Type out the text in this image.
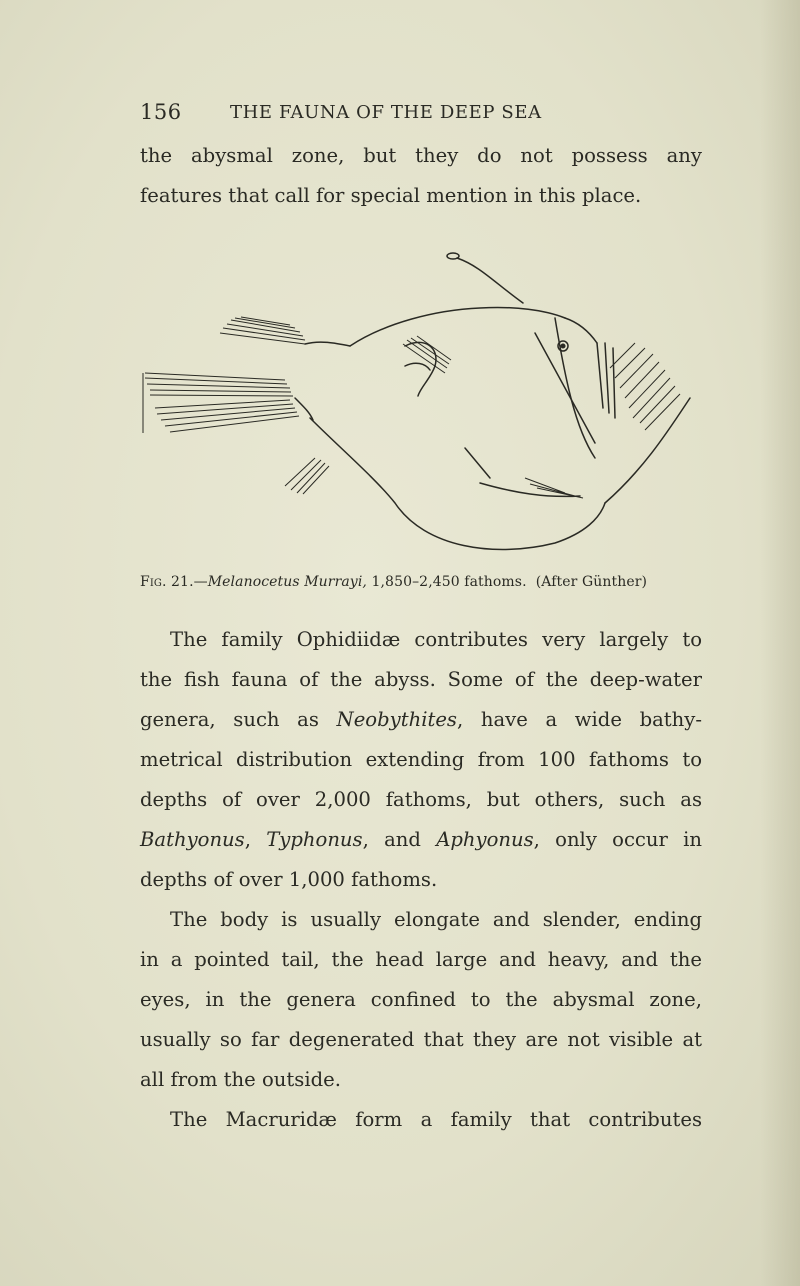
156	THE FAUNA OF THE DEEP SEA

the abysmal zone, but they do not possess any
features that call for special mention in this place.

Fig. 21.—Melanocetus Murrayi, 1,850–2,450 fathoms. (After Günther)

The family Ophidiidæ contributes very largely to
the fish fauna of the abyss. Some of the deep-water
genera, such as Neobythites, have a wide bathy-
metrical distribution extending from 100 fathoms to
depths of over 2,000 fathoms, but others, such as
Bathyonus, Typhonus, and Aphyonus, only occur in
depths of over 1,000 fathoms.

The body is usually elongate and slender, ending
in a pointed tail, the head large and heavy, and the
eyes, in the genera confined to the abysmal zone,
usually so far degenerated that they are not visible at
all from the outside.

The Macruridæ form a family that contributes
